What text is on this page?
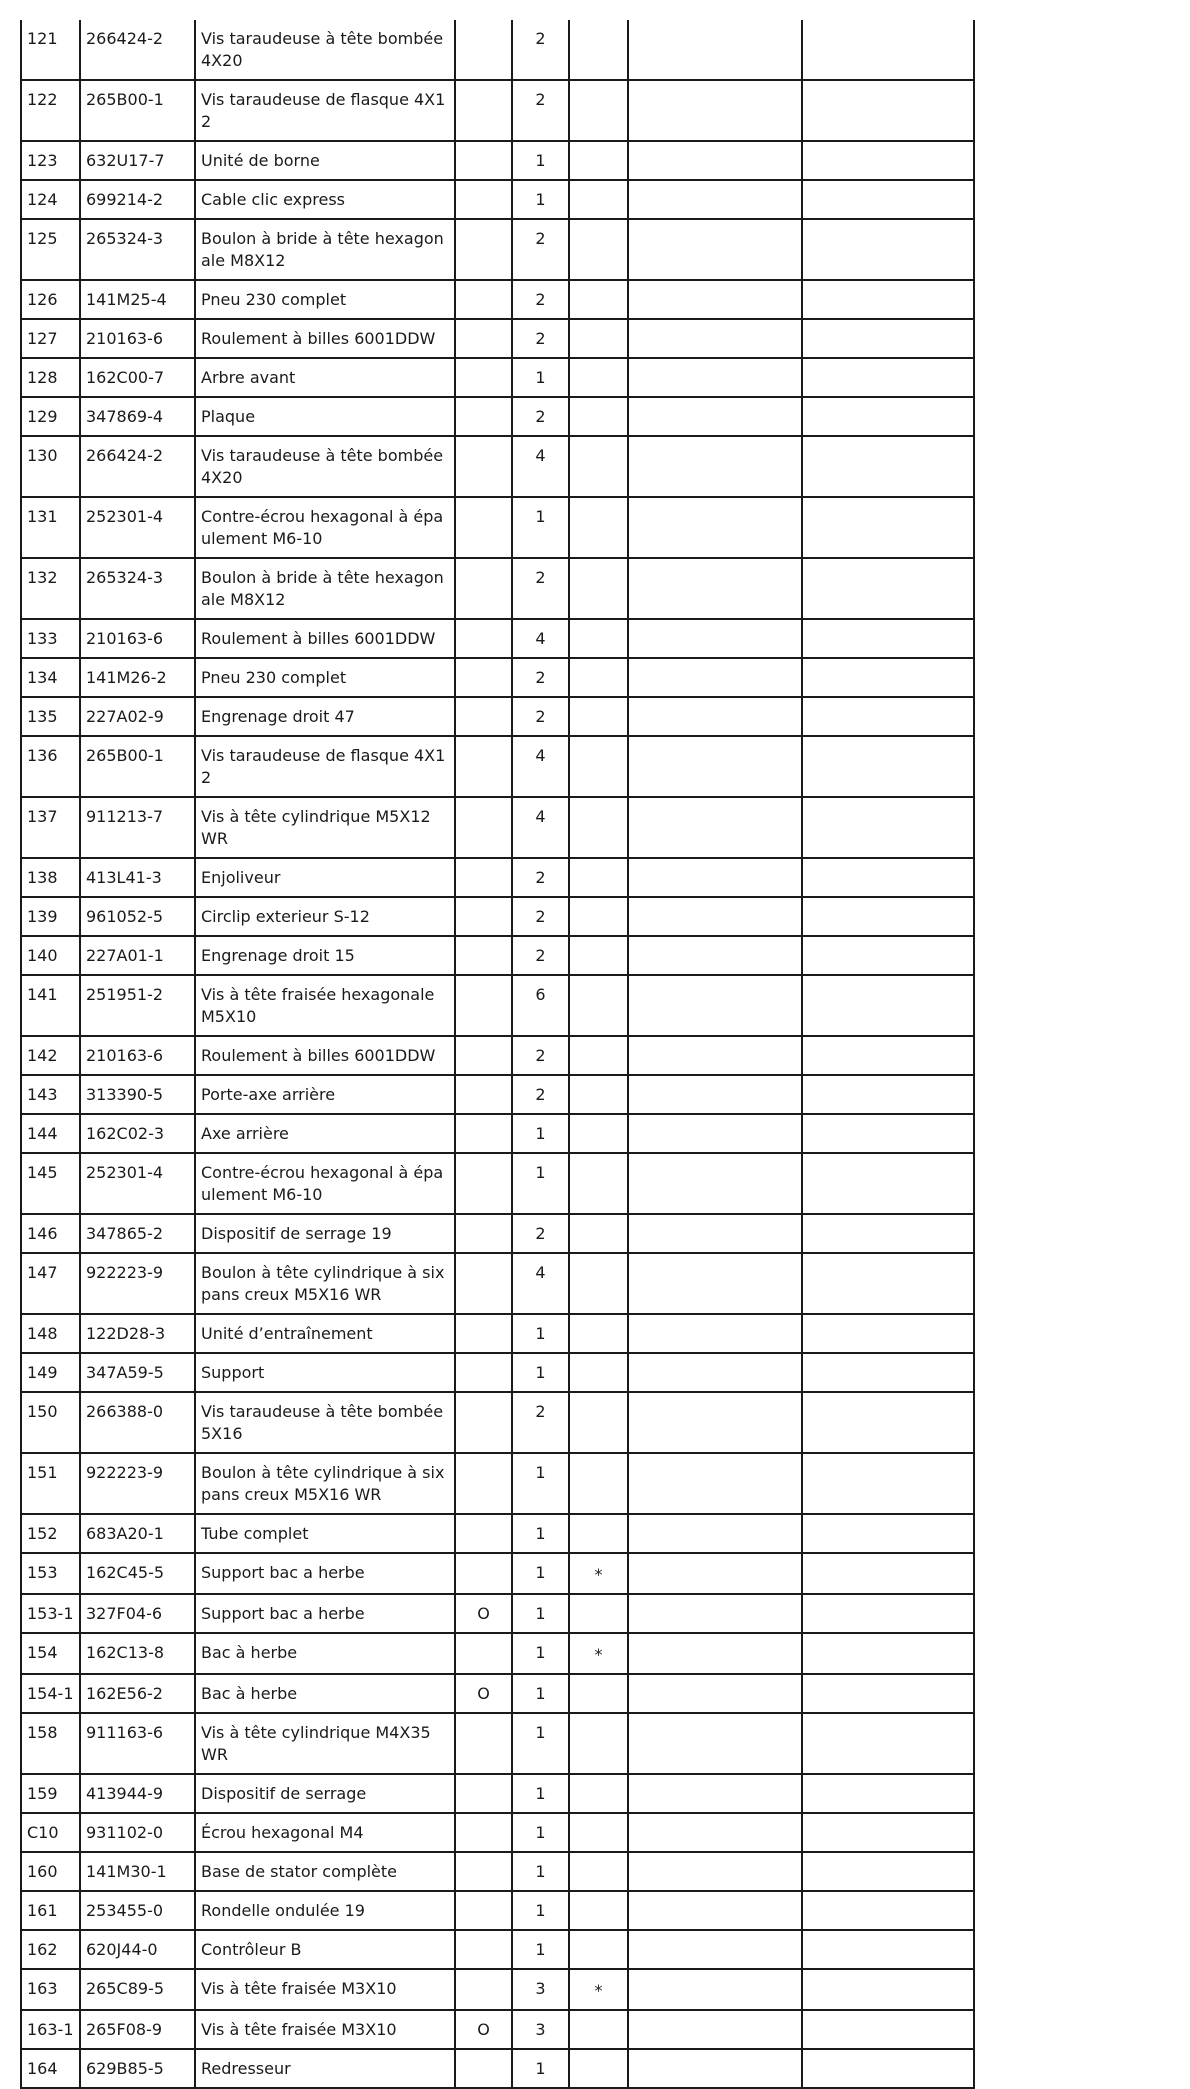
121	266424-2	Vis taraudeuse à tête bombée 4X20		2			
122	265B00-1	Vis taraudeuse de flasque 4X12		2			
123	632U17-7	Unité de borne		1			
124	699214-2	Cable clic express		1			
125	265324-3	Boulon à bride à tête hexagonale M8X12		2			
126	141M25-4	Pneu 230 complet		2			
127	210163-6	Roulement à billes 6001DDW		2			
128	162C00-7	Arbre avant		1			
129	347869-4	Plaque		2			
130	266424-2	Vis taraudeuse à tête bombée 4X20		4			
131	252301-4	Contre-écrou hexagonal à épaulement M6-10		1			
132	265324-3	Boulon à bride à tête hexagonale M8X12		2			
133	210163-6	Roulement à billes 6001DDW		4			
134	141M26-2	Pneu 230 complet		2			
135	227A02-9	Engrenage droit 47		2			
136	265B00-1	Vis taraudeuse de flasque 4X12		4			
137	911213-7	Vis à tête cylindrique M5X12 WR		4			
138	413L41-3	Enjoliveur		2			
139	961052-5	Circlip exterieur S-12		2			
140	227A01-1	Engrenage droit 15		2			
141	251951-2	Vis à tête fraisée hexagonale M5X10		6			
142	210163-6	Roulement à billes 6001DDW		2			
143	313390-5	Porte-axe arrière		2			
144	162C02-3	Axe arrière		1			
145	252301-4	Contre-écrou hexagonal à épaulement M6-10		1			
146	347865-2	Dispositif de serrage 19		2			
147	922223-9	Boulon à tête cylindrique à six pans creux M5X16 WR		4			
148	122D28-3	Unité d’entraînement		1			
149	347A59-5	Support		1			
150	266388-0	Vis taraudeuse à tête bombée 5X16		2			
151	922223-9	Boulon à tête cylindrique à six pans creux M5X16 WR		1			
152	683A20-1	Tube complet		1			
153	162C45-5	Support bac a herbe		1	*		
153-1	327F04-6	Support bac a herbe	O	1			
154	162C13-8	Bac à herbe		1	*		
154-1	162E56-2	Bac à herbe	O	1			
158	911163-6	Vis à tête cylindrique M4X35 WR		1			
159	413944-9	Dispositif de serrage		1			
C10	931102-0	Écrou hexagonal M4		1			
160	141M30-1	Base de stator complète		1			
161	253455-0	Rondelle ondulée 19		1			
162	620J44-0	Contrôleur B		1			
163	265C89-5	Vis à tête fraisée M3X10		3	*		
163-1	265F08-9	Vis à tête fraisée M3X10	O	3			
164	629B85-5	Redresseur		1			
